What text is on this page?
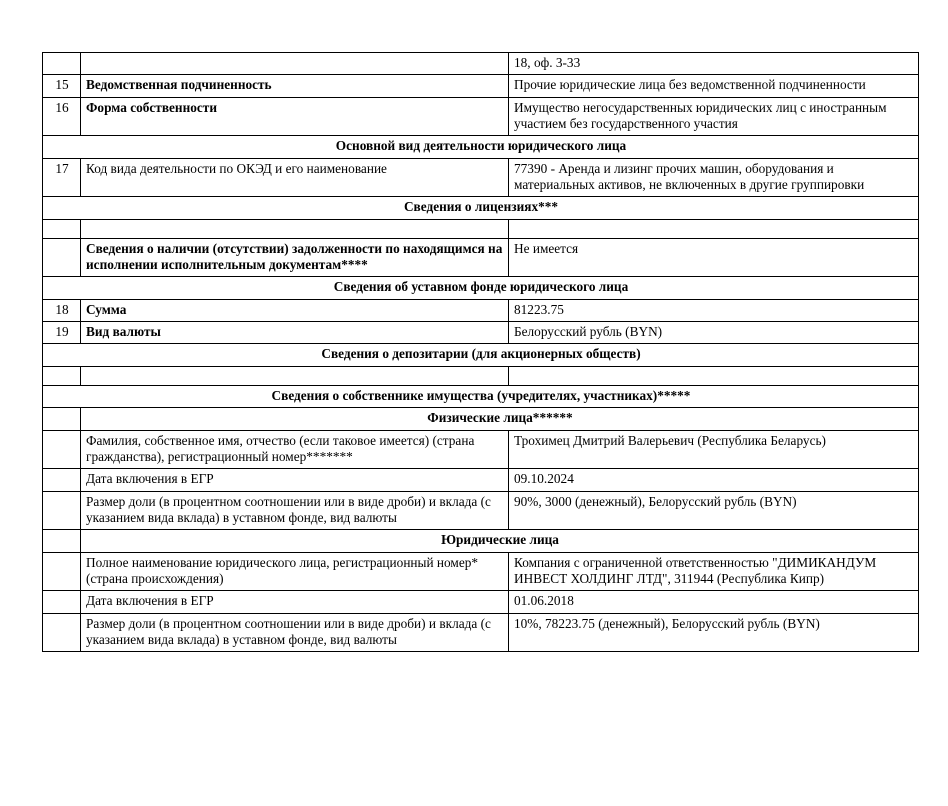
		18, оф. 3-33
15	Ведомственная подчиненность	Прочие юридические лица без ведомственной подчиненности
16	Форма собственности	Имущество негосударственных юридических лиц с иностранным участием без государственного участия
Основной вид деятельности юридического лица		
17	Код вида деятельности по ОКЭД и его наименование	77390 - Аренда и лизинг прочих машин, оборудования и материальных активов, не включенных в другие группировки
Сведения о лицензиях***		

	Сведения о наличии (отсутствии) задолженности по находящимся на исполнении исполнительным документам****	Не имеется
Сведения об уставном фонде юридического лица		
18	Сумма	81223.75
19	Вид валюты	Белорусский рубль (BYN)
Сведения о депозитарии (для акционерных обществ)		

Сведения о собственнике имущества (учредителях, участниках)*****		
	Физические лица******	
	Фамилия, собственное имя, отчество (если таковое имеется) (страна гражданства), регистрационный номер*******	Трохимец Дмитрий Валерьевич (Республика Беларусь)
	Дата включения в ЕГР	09.10.2024
	Размер доли (в процентном соотношении или в виде дроби) и вклада (с указанием вида вклада) в уставном фонде, вид валюты	90%, 3000 (денежный), Белорусский рубль (BYN)
	Юридические лица	
	Полное наименование юридического лица, регистрационный номер* (страна происхождения)	Компания с ограниченной ответственностью "ДИМИКАНДУМ ИНВЕСТ ХОЛДИНГ ЛТД", 311944 (Республика Кипр)
	Дата включения в ЕГР	01.06.2018
	Размер доли (в процентном соотношении или в виде дроби) и вклада (с указанием вида вклада) в уставном фонде, вид валюты	10%, 78223.75 (денежный), Белорусский рубль (BYN)
